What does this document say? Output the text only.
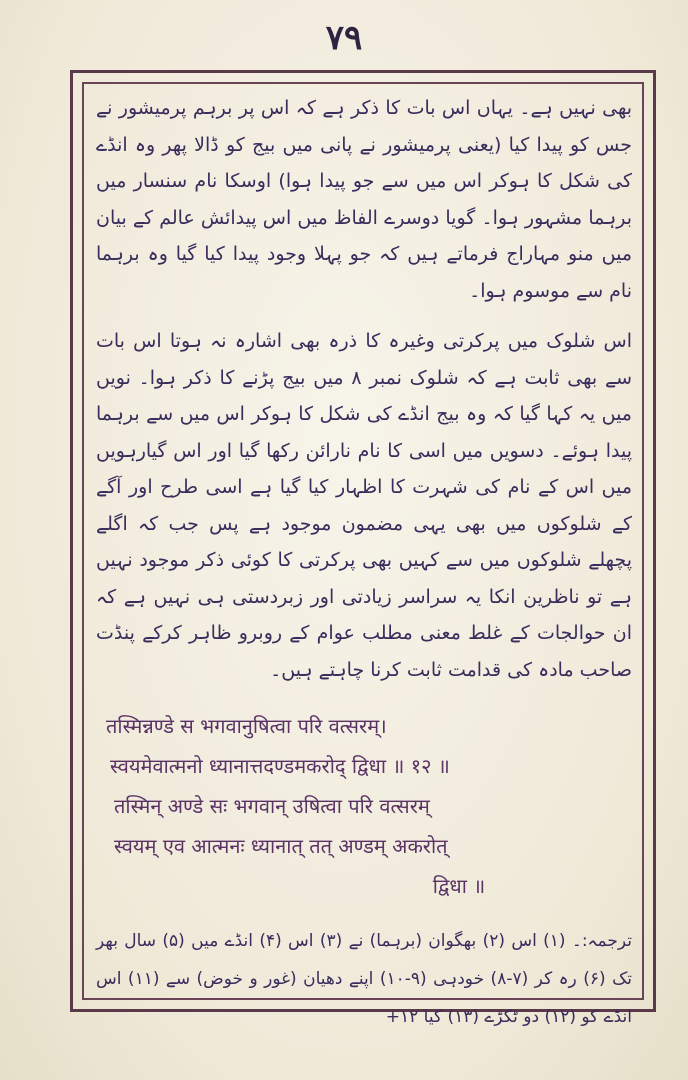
٧٩

بھی نہیں ہے۔ یہاں اس بات کا ذکر ہے کہ اس پر برہم پرمیشور نے جس کو پیدا کیا (یعنی پرمیشور نے پانی میں بیج کو ڈالا پھر وہ انڈے کی شکل کا ہوکر اس میں سے جو پیدا ہوا) اوسکا نام سنسار میں برہما مشہور ہوا۔ گویا دوسرے الفاظ میں اس پیدائش عالم کے بیان میں منو مہاراج فرماتے ہیں کہ جو پہلا وجود پیدا کیا گیا وہ برہما نام سے موسوم ہوا۔

اس شلوک میں پرکرتی وغیرہ کا ذرہ بھی اشارہ نہ ہوتا اس بات سے بھی ثابت ہے کہ شلوک نمبر ۸ میں بیج پڑنے کا ذکر ہوا۔ نویں میں یہ کہا گیا کہ وہ بیج انڈے کی شکل کا ہوکر اس میں سے برہما پیدا ہوئے۔ دسویں میں اسی کا نام نارائن رکھا گیا اور اس گیارہویں میں اس کے نام کی شہرت کا اظہار کیا گیا ہے اسی طرح اور آگے کے شلوکوں میں بھی یہی مضمون موجود ہے پس جب کہ اگلے پچھلے شلوکوں میں سے کہیں بھی پرکرتی کا کوئی ذکر موجود نہیں ہے تو ناظرین انکا یہ سراسر زیادتی اور زبردستی ہی نہیں ہے کہ ان حوالجات کے غلط معنی مطلب عوام کے روبرو ظاہر کرکے پنڈت صاحب مادہ کی قدامت ثابت کرنا چاہتے ہیں۔

तस्मिन्नण्डे स भगवानुषित्वा परि वत्सरम्।
स्वयमेवात्मनो ध्यानात्तदण्डमकरोद् द्विधा ॥ १२ ॥
तस्मिन् अण्डे सः भगवान् उषित्वा परि वत्सरम्
स्वयम् एव आत्मनः ध्यानात् तत् अण्डम् अकरोत्
द्विधा ॥

ترجمہ:۔ (۱) اس (۲) بھگوان (برہما) نے (۳) اس (۴) انڈے میں (۵) سال بھر تک (۶) رہ کر (۷-۸) خودہی (۹-۱۰) اپنے دھیان (غور و خوض) سے (۱۱) اس انڈے کو (۱۲) دو ٹکڑے (۱۳) کیا ۱۲+
